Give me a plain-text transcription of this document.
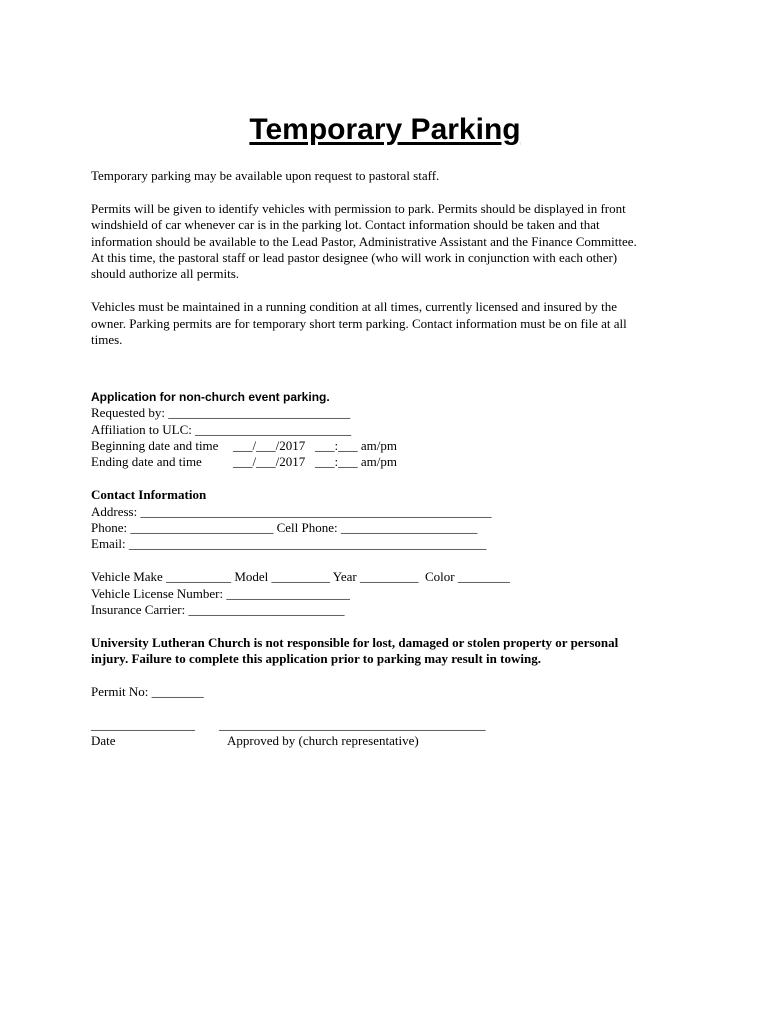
Temporary Parking

Temporary parking may be available upon request to pastoral staff.

Permits will be given to identify vehicles with permission to park. Permits should be displayed in front

windshield of car whenever car is in the parking lot. Contact information should be taken and that

information should be available to the Lead Pastor, Administrative Assistant and the Finance Committee.

At this time, the pastoral staff or lead pastor designee (who will work in conjunction with each other)

should authorize all permits.

Vehicles must be maintained in a running condition at all times, currently licensed and insured by the

owner. Parking permits are for temporary short term parking. Contact information must be on file at all

times.

Application for non-church event parking.

Requested by: ____________________________

Affiliation to ULC: ________________________

Beginning date and time	___/___/2017   ___:___ am/pm
Ending date and time	___/___/2017   ___:___ am/pm

Contact Information

Address: ______________________________________________________

Phone: ______________________ Cell Phone: _____________________

Email: _______________________________________________________

Vehicle Make __________ Model _________ Year _________  Color ________

Vehicle License Number: ___________________

Insurance Carrier: ________________________

University Lutheran Church is not responsible for lost, damaged or stolen property or personal

injury. Failure to complete this application prior to parking may result in towing.

Permit No: ________

________________	_________________________________________
Date	Approved by (church representative)
